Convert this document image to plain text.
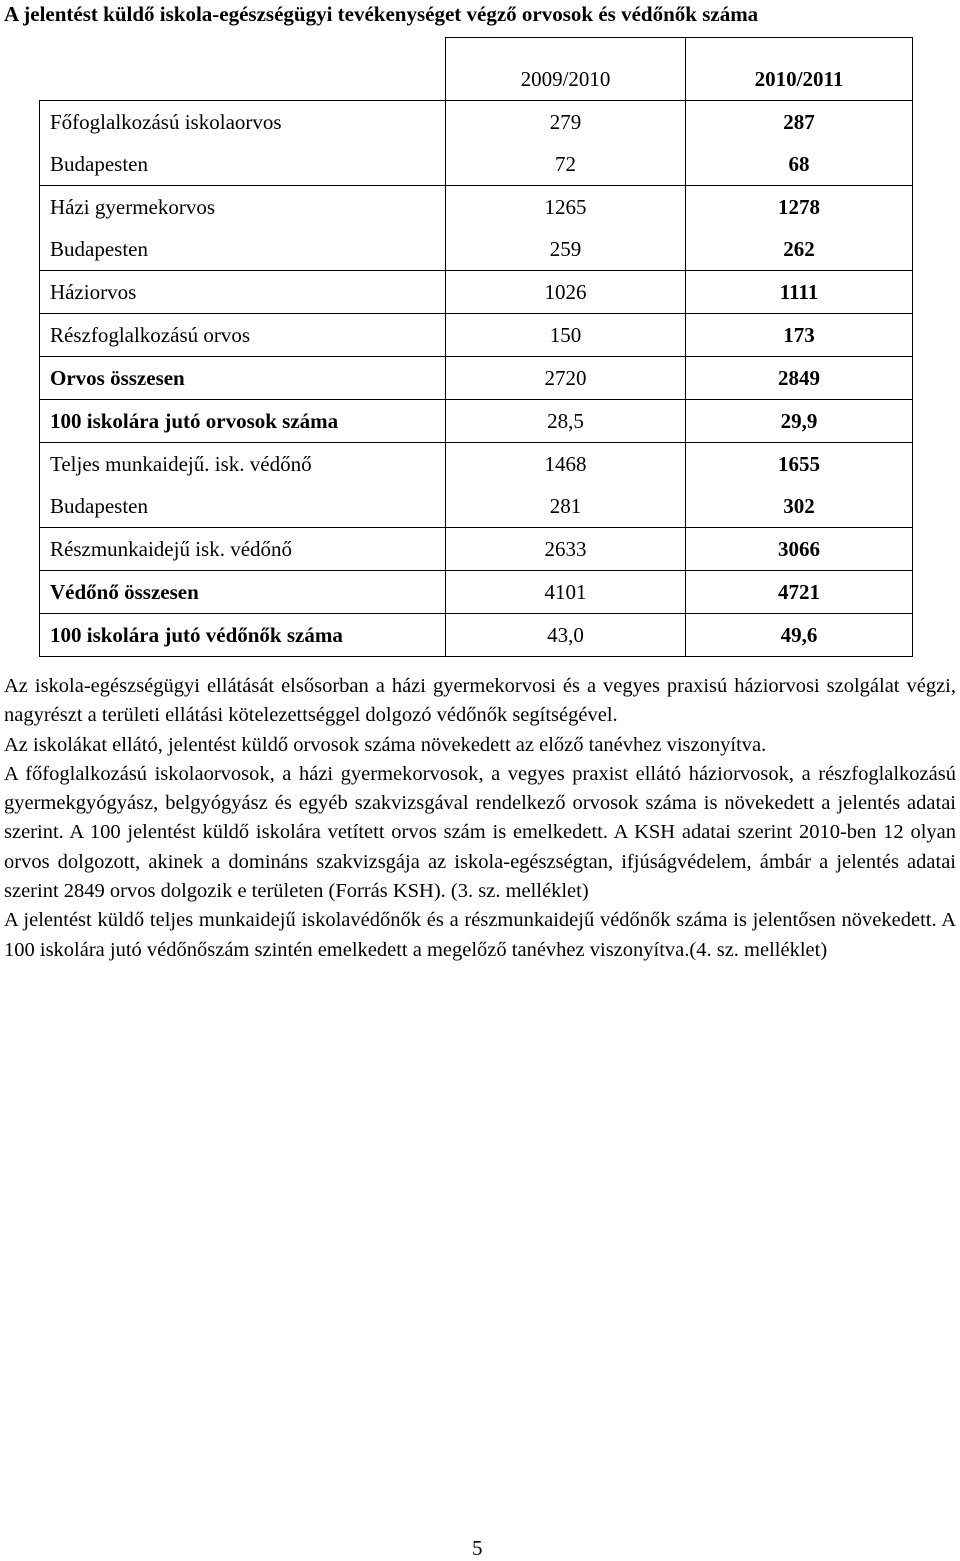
A jelentést küldő iskola-egészségügyi tevékenységet végző orvosok és védőnők száma
	2009/2010	2010/2011
Főfoglalkozású iskolaorvos	279	287
Budapesten	72	68
Házi gyermekorvos	1265	1278
Budapesten	259	262
Háziorvos	1026	1111
Részfoglalkozású orvos	150	173
Orvos összesen	2720	2849
100 iskolára jutó orvosok száma	28,5	29,9
Teljes munkaidejű. isk. védőnő	1468	1655
Budapesten	281	302
Részmunkaidejű isk. védőnő	2633	3066
Védőnő összesen	4101	4721
100 iskolára jutó védőnők száma	43,0	49,6

Az iskola-egészségügyi ellátását elsősorban a házi gyermekorvosi és a vegyes praxisú háziorvosi szolgálat végzi, nagyrészt a területi ellátási kötelezettséggel dolgozó védőnők segítségével.

Az iskolákat ellátó, jelentést küldő orvosok száma növekedett az előző tanévhez viszonyítva.

A főfoglalkozású iskolaorvosok, a házi gyermekorvosok, a vegyes praxist ellátó háziorvosok, a részfoglalkozású gyermekgyógyász, belgyógyász és egyéb szakvizsgával rendelkező orvosok száma is növekedett a jelentés adatai szerint. A 100 jelentést küldő iskolára vetített orvos szám is emelkedett. A KSH adatai szerint 2010-ben 12 olyan orvos dolgozott, akinek a domináns szakvizsgája az iskola-egészségtan, ifjúságvédelem, ámbár a jelentés adatai szerint 2849 orvos dolgozik e területen (Forrás KSH). (3. sz. melléklet)

A jelentést küldő teljes munkaidejű iskolavédőnők és a részmunkaidejű védőnők száma is jelentősen növekedett. A 100 iskolára jutó védőnőszám szintén emelkedett a megelőző tanévhez viszonyítva.(4. sz. melléklet)

5
